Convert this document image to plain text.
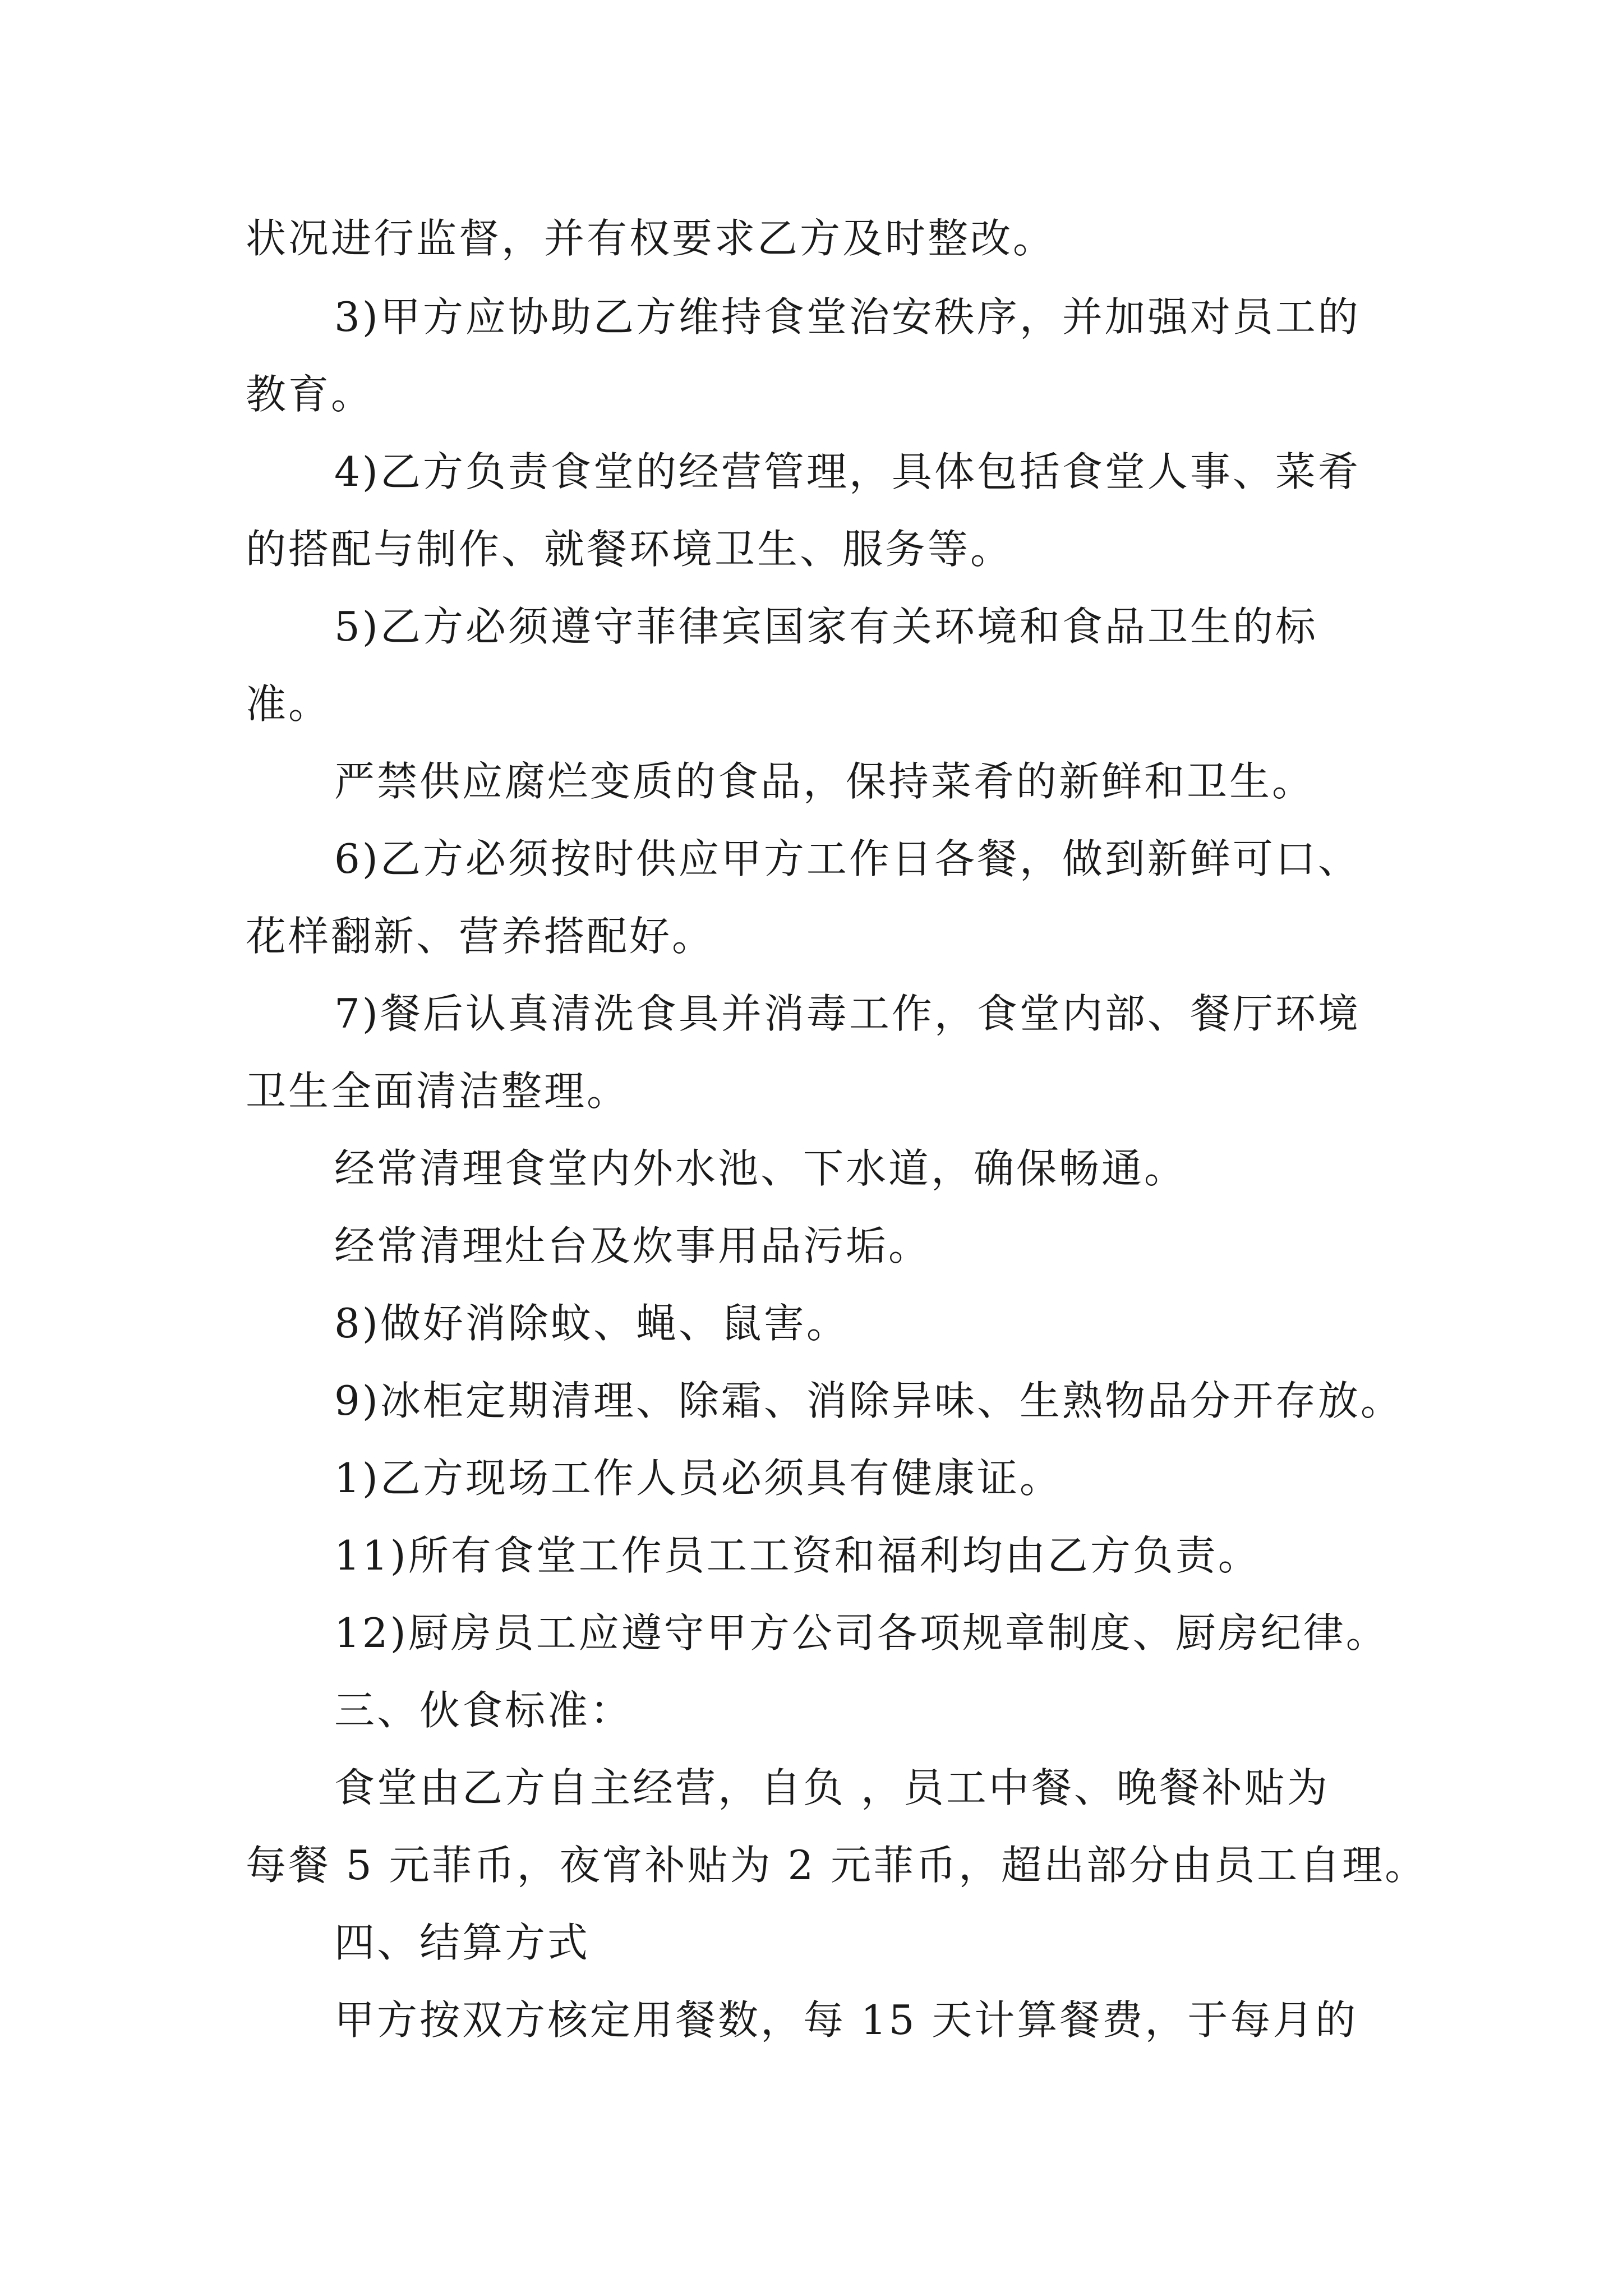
状况进行监督，并有权要求乙方及时整改。

3)甲方应协助乙方维持食堂治安秩序，并加强对员工的

教育。

4)乙方负责食堂的经营管理，具体包括食堂人事、菜肴

的搭配与制作、就餐环境卫生、服务等。

5)乙方必须遵守菲律宾国家有关环境和食品卫生的标

准。

严禁供应腐烂变质的食品，保持菜肴的新鲜和卫生。

6)乙方必须按时供应甲方工作日各餐，做到新鲜可口、

花样翻新、营养搭配好。

7)餐后认真清洗食具并消毒工作，食堂内部、餐厅环境

卫生全面清洁整理。

经常清理食堂内外水池、下水道，确保畅通。

经常清理灶台及炊事用品污垢。

8)做好消除蚊、蝇、鼠害。

9)冰柜定期清理、除霜、消除异味、生熟物品分开存放。

1)乙方现场工作人员必须具有健康证。

11)所有食堂工作员工工资和福利均由乙方负责。

12)厨房员工应遵守甲方公司各项规章制度、厨房纪律。

三、伙食标准：

食堂由乙方自主经营，自负 ，员工中餐、晚餐补贴为

每餐 5 元菲币，夜宵补贴为 2 元菲币，超出部分由员工自理。

四、结算方式

甲方按双方核定用餐数，每 15 天计算餐费，于每月的
